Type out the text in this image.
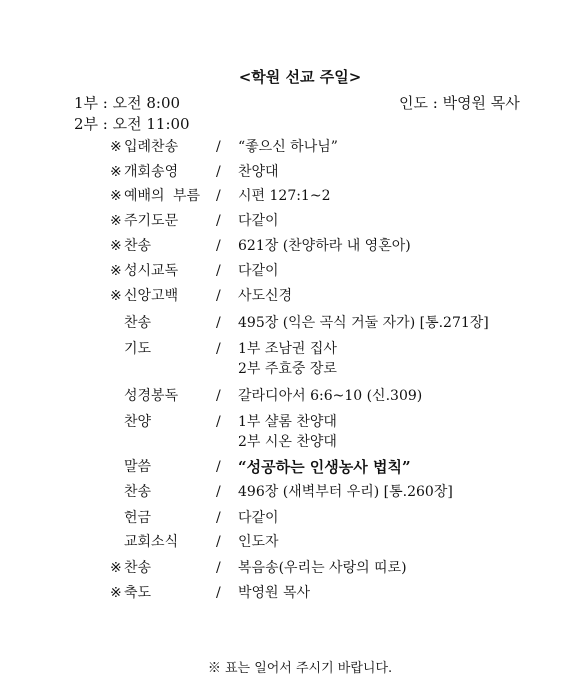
<학원 선교 주일>
1부 : 오전 8:00
2부 : 오전 11:00
인도 : 박영원 목사
※ 입례찬송	/ “좋으신 하나님”
※ 개회송영	/ 찬양대
※ 예배의 부름 / 시편 127:1~2
※ 주기도문	/ 다같이
※ 찬송	/ 621장 (찬양하라 내 영혼아)
※ 성시교독	/ 다같이
※ 신앙고백	/ 사도신경
찬송	/ 495장 (익은 곡식 거둘 자가) [통.271장]
기도	/ 1부 조남권 집사
2부 주효중 장로
성경봉독	/ 갈라디아서 6:6~10 (신.309)
찬양	/ 1부 샬롬 찬양대
2부 시온 찬양대
말씀	/ “성공하는 인생농사 법칙”
찬송	/ 496장 (새벽부터 우리) [통.260장]
헌금	/ 다같이
교회소식	/ 인도자
※ 찬송	/ 복음송(우리는 사랑의 띠로)
※ 축도	/ 박영원 목사
※ 표는 일어서 주시기 바랍니다.
